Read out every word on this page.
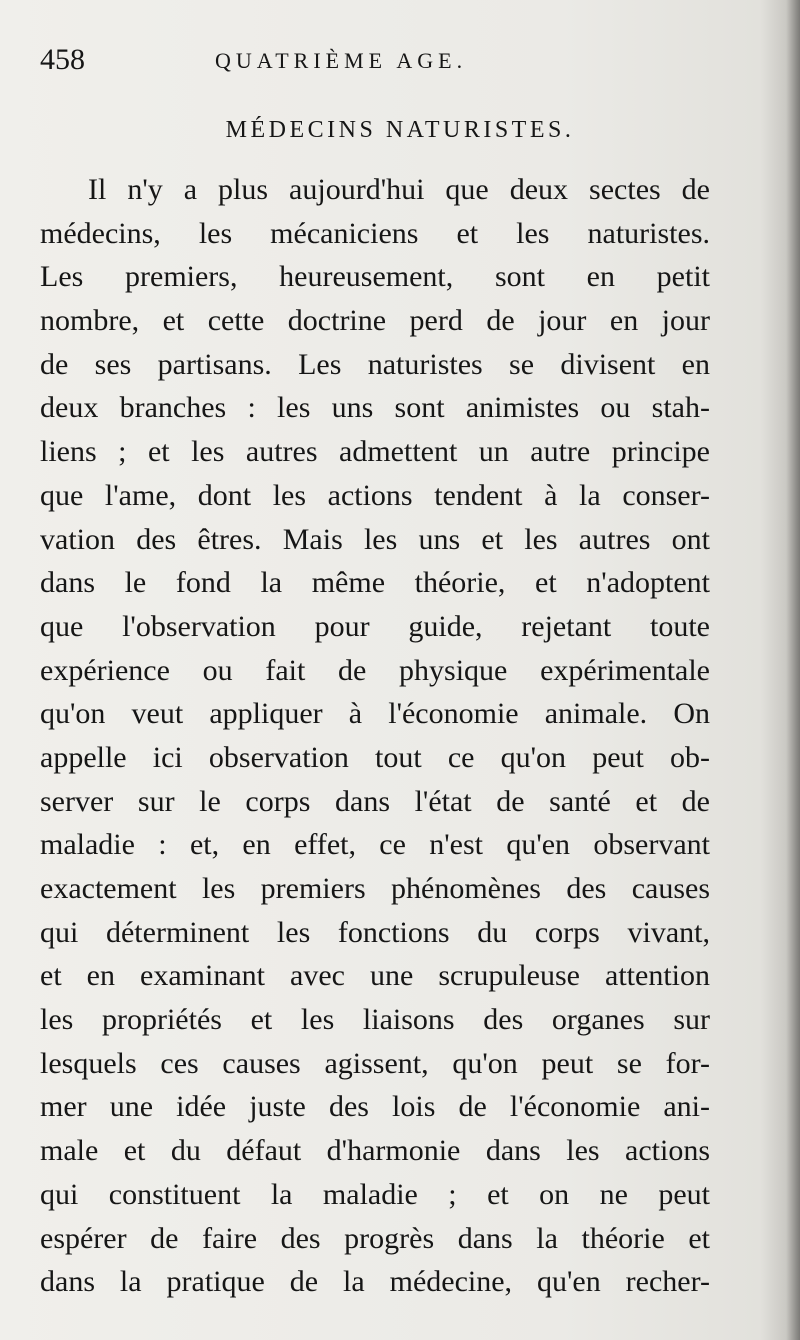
458	QUATRIÈME AGE.
MÉDECINS NATURISTES.
Il n'y a plus aujourd'hui que deux sectes de
médecins, les mécaniciens et les naturistes.
Les premiers, heureusement, sont en petit
nombre, et cette doctrine perd de jour en jour
de ses partisans. Les naturistes se divisent en
deux branches : les uns sont animistes ou stah-
liens ; et les autres admettent un autre principe
que l'ame, dont les actions tendent à la conser-
vation des êtres. Mais les uns et les autres ont
dans le fond la même théorie, et n'adoptent
que l'observation pour guide, rejetant toute
expérience ou fait de physique expérimentale
qu'on veut appliquer à l'économie animale. On
appelle ici observation tout ce qu'on peut ob-
server sur le corps dans l'état de santé et de
maladie : et, en effet, ce n'est qu'en observant
exactement les premiers phénomènes des causes
qui déterminent les fonctions du corps vivant,
et en examinant avec une scrupuleuse attention
les propriétés et les liaisons des organes sur
lesquels ces causes agissent, qu'on peut se for-
mer une idée juste des lois de l'économie ani-
male et du défaut d'harmonie dans les actions
qui constituent la maladie ; et on ne peut
espérer de faire des progrès dans la théorie et
dans la pratique de la médecine, qu'en recher-
